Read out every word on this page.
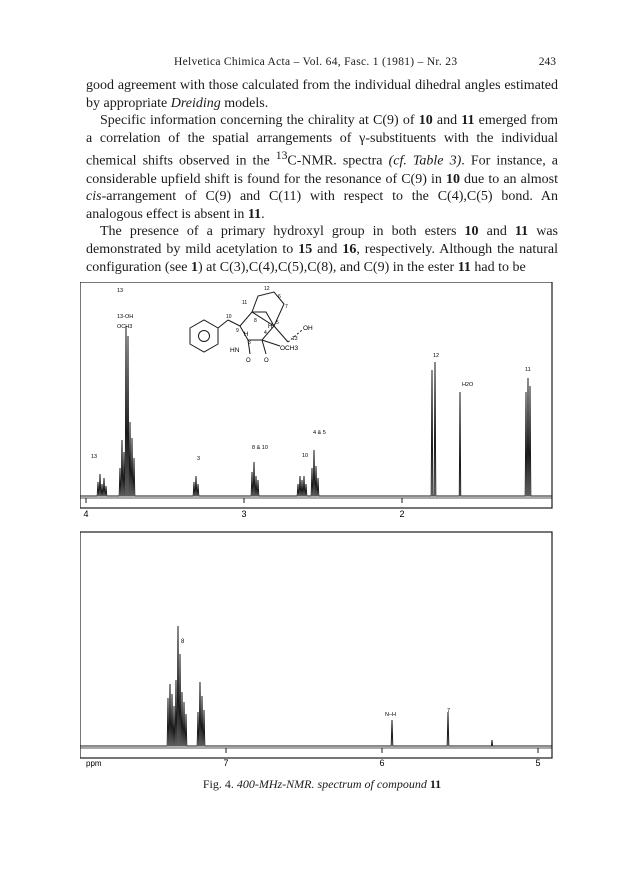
Helvetica Chimica Acta – Vol. 64, Fasc. 1 (1981) – Nr. 23	243

good agreement with those calculated from the individual dihedral angles estimated by appropriate Dreiding models.

Specific information concerning the chirality at C(9) of 10 and 11 emerged from a correlation of the spatial arrangements of γ-substituents with the individual chemical shifts observed in the $^{13}$C-NMR. spectra (cf. Table 3). For instance, a considerable upfield shift is found for the resonance of C(9) in 10 due to an almost cis-arrangement of C(9) and C(11) with respect to the C(4),C(5) bond. An analogous effect is absent in 11.

The presence of a primary hydroxyl group in both esters 10 and 11 was demonstrated by mild acetylation to 15 and 16, respectively. Although the natural configuration (see 1) at C(3),C(4),C(5),C(8), and C(9) in the ester 11 had to be

4	3	2
13
13-OH
OCH3
13	3
8 & 10
10
4 & 5
12
H2O
11
12
11
10
9
8
7
6
5
4
3
H
H
HN
OH
OCH3
O O
13
ppm	7	6	5
8
N–H
7
Fig. 4. 400-MHz-NMR. spectrum of compound 11
